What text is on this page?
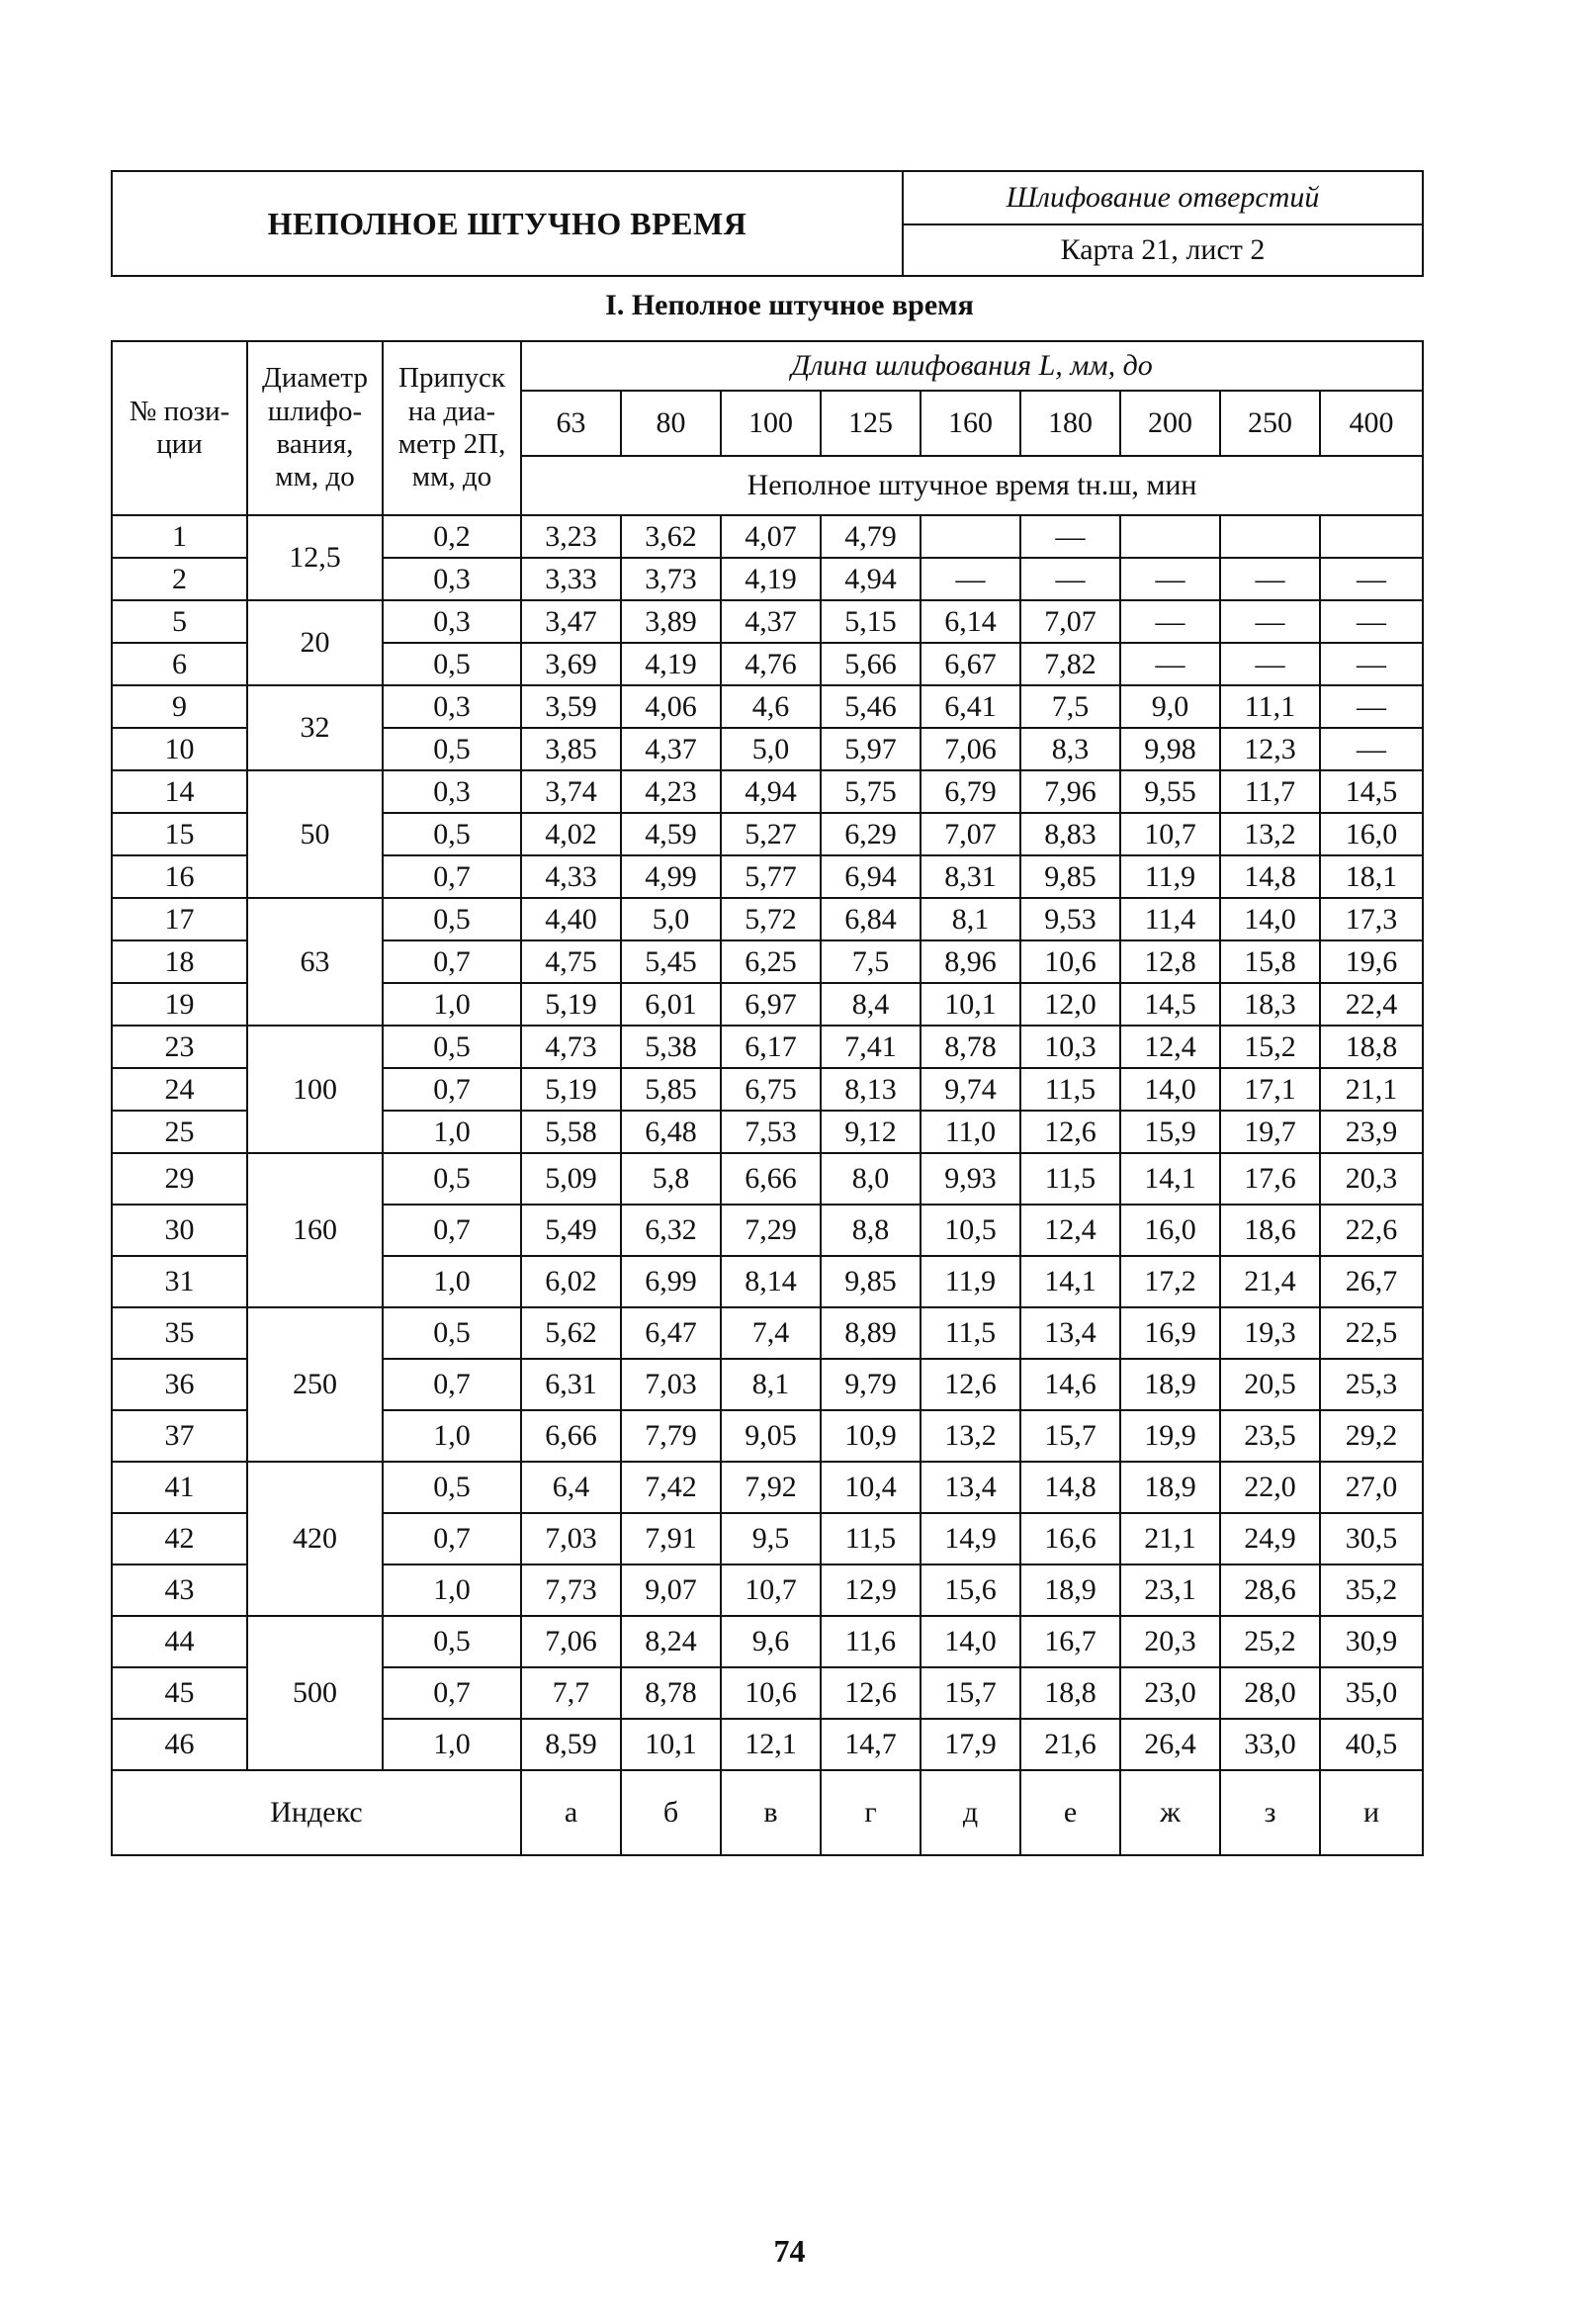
НЕПОЛНОЕ ШТУЧНО ВРЕМЯ
Шлифование отверстий
Карта 21, лист 2
I. Неполное штучное время
№ пози-
ции	Диаметр
шлифо-
вания,
мм, до	Припуск
на диа-
метр 2П,
мм, до	Длина шлифования L, мм, до								
			63	80	100	125	160	180	200	250	400
			Неполное штучное время tн.ш, мин								
1	12,5	0,2	3,23	3,62	4,07	4,79		—			
2		0,3	3,33	3,73	4,19	4,94	—	—	—	—	—
5	20	0,3	3,47	3,89	4,37	5,15	6,14	7,07	—	—	—
6		0,5	3,69	4,19	4,76	5,66	6,67	7,82	—	—	—
9	32	0,3	3,59	4,06	4,6	5,46	6,41	7,5	9,0	11,1	—
10		0,5	3,85	4,37	5,0	5,97	7,06	8,3	9,98	12,3	—
14	50	0,3	3,74	4,23	4,94	5,75	6,79	7,96	9,55	11,7	14,5
15		0,5	4,02	4,59	5,27	6,29	7,07	8,83	10,7	13,2	16,0
16		0,7	4,33	4,99	5,77	6,94	8,31	9,85	11,9	14,8	18,1
17	63	0,5	4,40	5,0	5,72	6,84	8,1	9,53	11,4	14,0	17,3
18		0,7	4,75	5,45	6,25	7,5	8,96	10,6	12,8	15,8	19,6
19		1,0	5,19	6,01	6,97	8,4	10,1	12,0	14,5	18,3	22,4
23	100	0,5	4,73	5,38	6,17	7,41	8,78	10,3	12,4	15,2	18,8
24		0,7	5,19	5,85	6,75	8,13	9,74	11,5	14,0	17,1	21,1
25		1,0	5,58	6,48	7,53	9,12	11,0	12,6	15,9	19,7	23,9
29	160	0,5	5,09	5,8	6,66	8,0	9,93	11,5	14,1	17,6	20,3
30		0,7	5,49	6,32	7,29	8,8	10,5	12,4	16,0	18,6	22,6
31		1,0	6,02	6,99	8,14	9,85	11,9	14,1	17,2	21,4	26,7
35	250	0,5	5,62	6,47	7,4	8,89	11,5	13,4	16,9	19,3	22,5
36		0,7	6,31	7,03	8,1	9,79	12,6	14,6	18,9	20,5	25,3
37		1,0	6,66	7,79	9,05	10,9	13,2	15,7	19,9	23,5	29,2
41	420	0,5	6,4	7,42	7,92	10,4	13,4	14,8	18,9	22,0	27,0
42		0,7	7,03	7,91	9,5	11,5	14,9	16,6	21,1	24,9	30,5
43		1,0	7,73	9,07	10,7	12,9	15,6	18,9	23,1	28,6	35,2
44	500	0,5	7,06	8,24	9,6	11,6	14,0	16,7	20,3	25,2	30,9
45		0,7	7,7	8,78	10,6	12,6	15,7	18,8	23,0	28,0	35,0
46		1,0	8,59	10,1	12,1	14,7	17,9	21,6	26,4	33,0	40,5
Индекс			а	б	в	г	д	е	ж	з	и
74
